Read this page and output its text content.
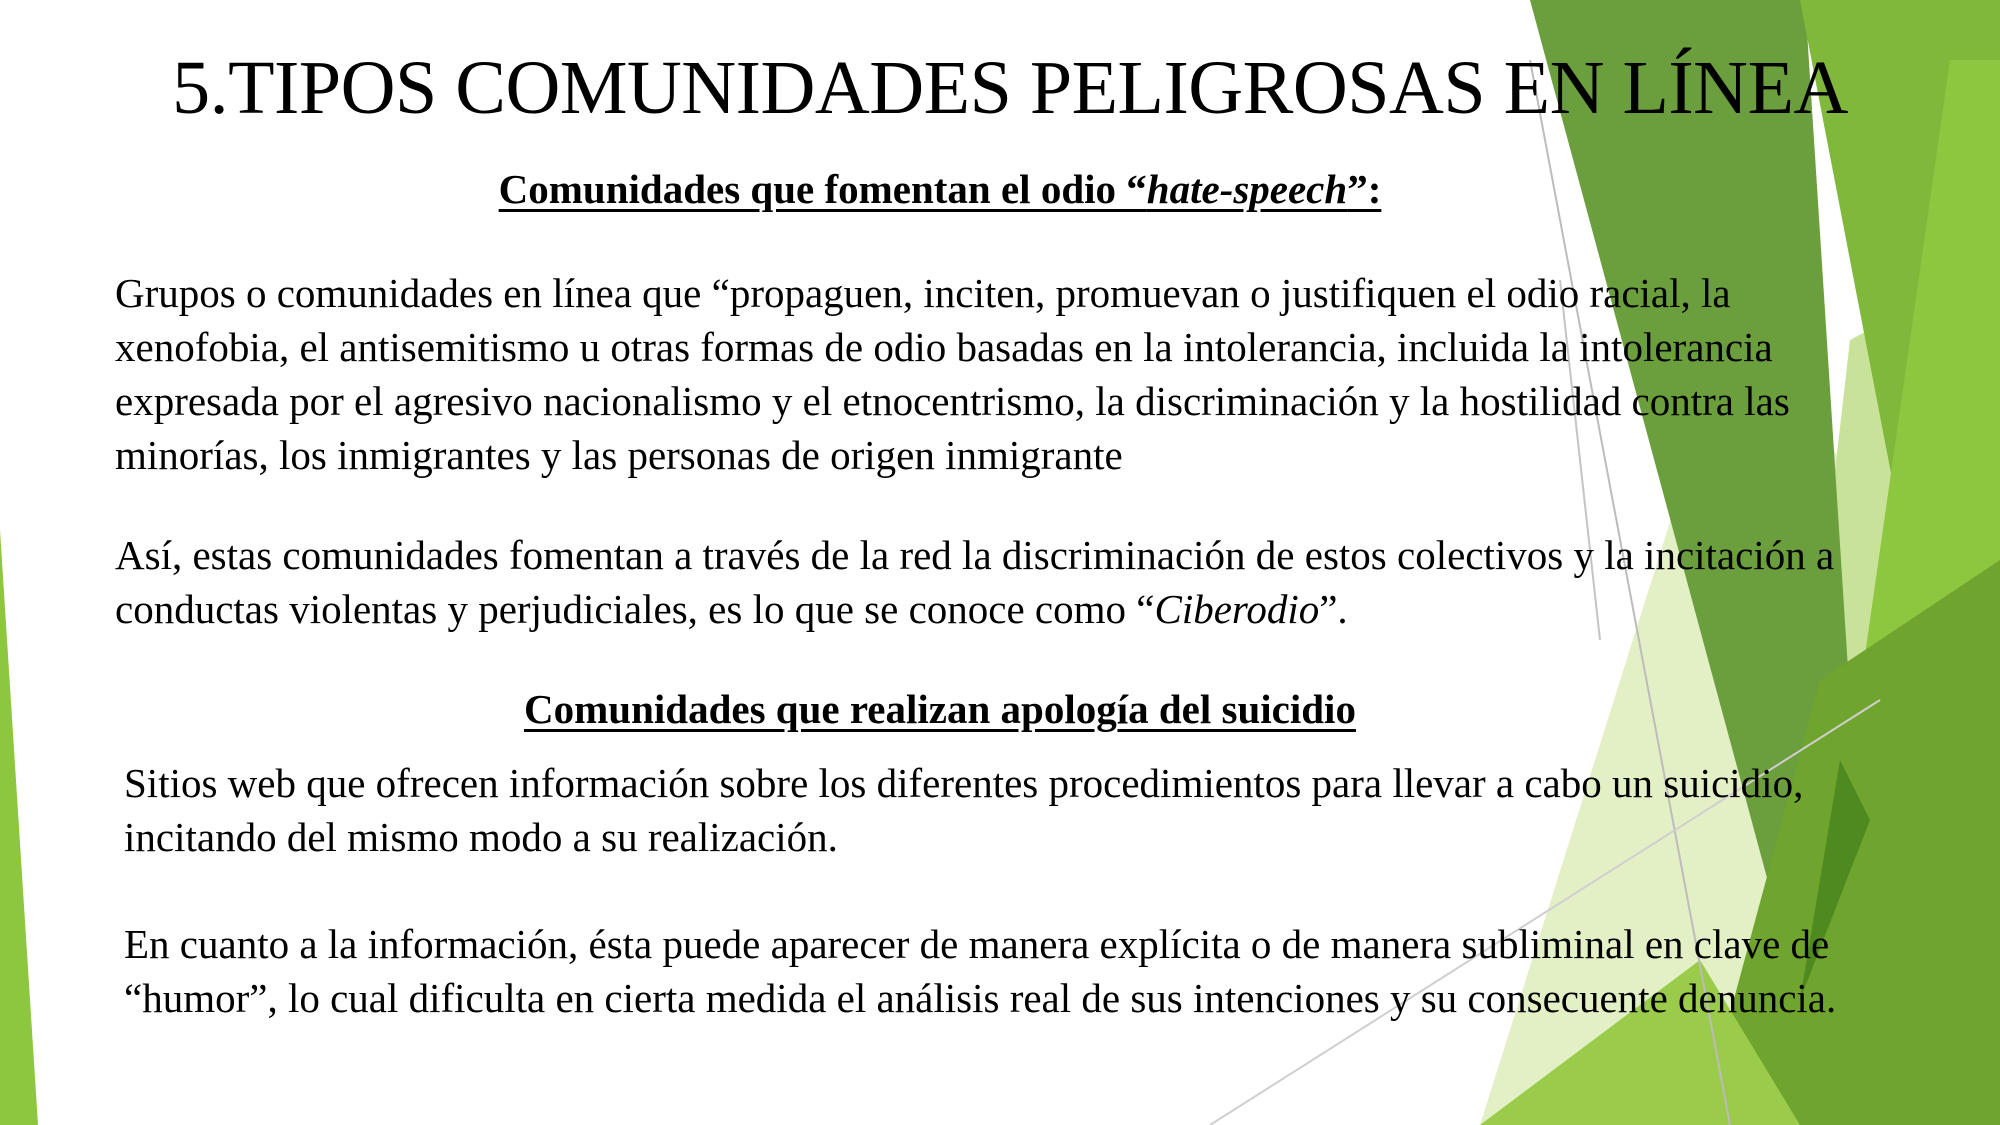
5.TIPOS COMUNIDADES PELIGROSAS EN LÍNEA
Comunidades que fomentan el odio “hate-speech”:

Grupos o comunidades en línea que “propaguen, inciten, promuevan o justifiquen el odio racial, la xenofobia, el antisemitismo u otras formas de odio basadas en la intolerancia, incluida la intolerancia expresada por el agresivo nacionalismo y el etnocentrismo, la discriminación y la hostilidad contra las minorías, los inmigrantes y las personas de origen inmigrante

Así, estas comunidades fomentan a través de la red la discriminación de estos colectivos y la incitación a conductas violentas y perjudiciales, es lo que se conoce como “Ciberodio”.

Comunidades que realizan apología del suicidio

Sitios web que ofrecen información sobre los diferentes procedimientos para llevar a cabo un suicidio, incitando del mismo modo a su realización.

En cuanto a la información, ésta puede aparecer de manera explícita o de manera subliminal en clave de “humor”, lo cual dificulta en cierta medida el análisis real de sus intenciones y su consecuente denuncia.
